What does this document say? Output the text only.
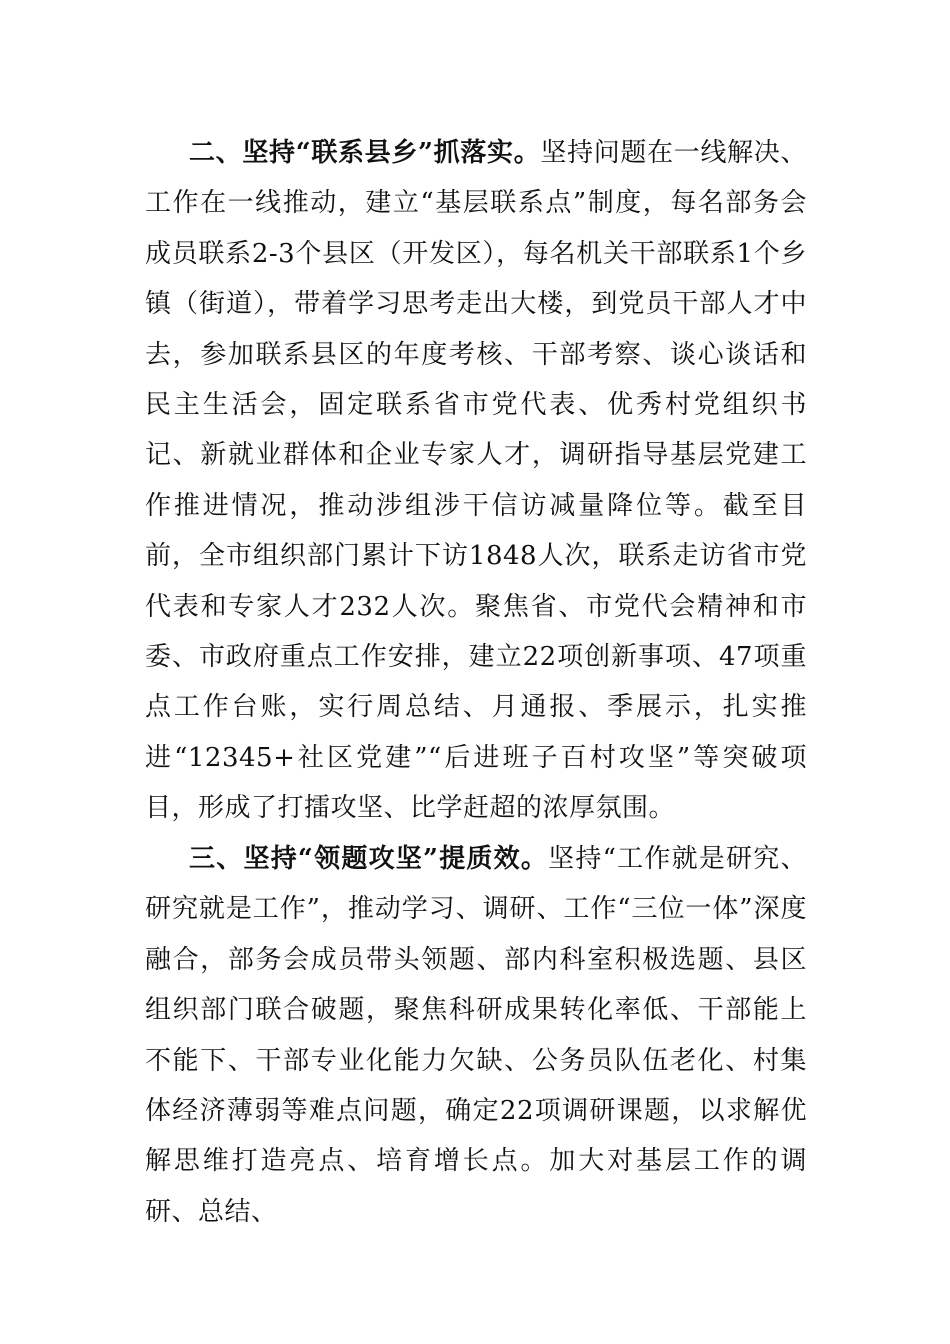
二、坚持“联系县乡”抓落实。坚持问题在一线解决、工作在一线推动，建立“基层联系点”制度，每名部务会成员联系2-3个县区（开发区），每名机关干部联系1个乡镇（街道），带着学习思考走出大楼，到党员干部人才中去，参加联系县区的年度考核、干部考察、谈心谈话和民主生活会，固定联系省市党代表、优秀村党组织书记、新就业群体和企业专家人才，调研指导基层党建工作推进情况，推动涉组涉干信访减量降位等。截至目前，全市组织部门累计下访1848人次，联系走访省市党代表和专家人才232人次。聚焦省、市党代会精神和市委、市政府重点工作安排，建立22项创新事项、47项重点工作台账，实行周总结、月通报、季展示，扎实推进“12345+社区党建”“后进班子百村攻坚”等突破项目，形成了打擂攻坚、比学赶超的浓厚氛围。

三、坚持“领题攻坚”提质效。坚持“工作就是研究、研究就是工作”，推动学习、调研、工作“三位一体”深度融合，部务会成员带头领题、部内科室积极选题、县区组织部门联合破题，聚焦科研成果转化率低、干部能上不能下、干部专业化能力欠缺、公务员队伍老化、村集体经济薄弱等难点问题，确定22项调研课题，以求解优解思维打造亮点、培育增长点。加大对基层工作的调研、总结、
